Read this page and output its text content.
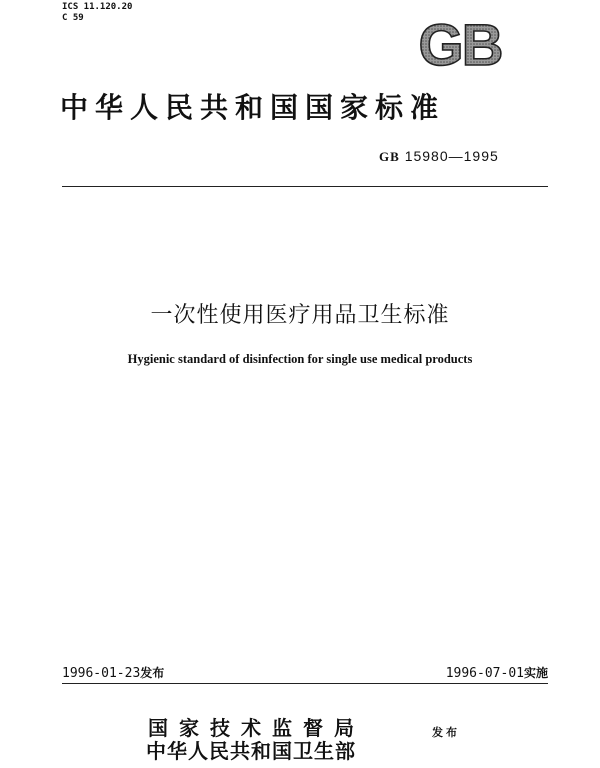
ICS 11.120.20
C 59	GB
中华人民共和国国家标准
GB 15980—1995
一次性使用医疗用品卫生标准
Hygienic standard of disinfection for single use medical products
1996-01-23发布	1996-07-01实施
国家技术监督局
中华人民共和国卫生部
发布
